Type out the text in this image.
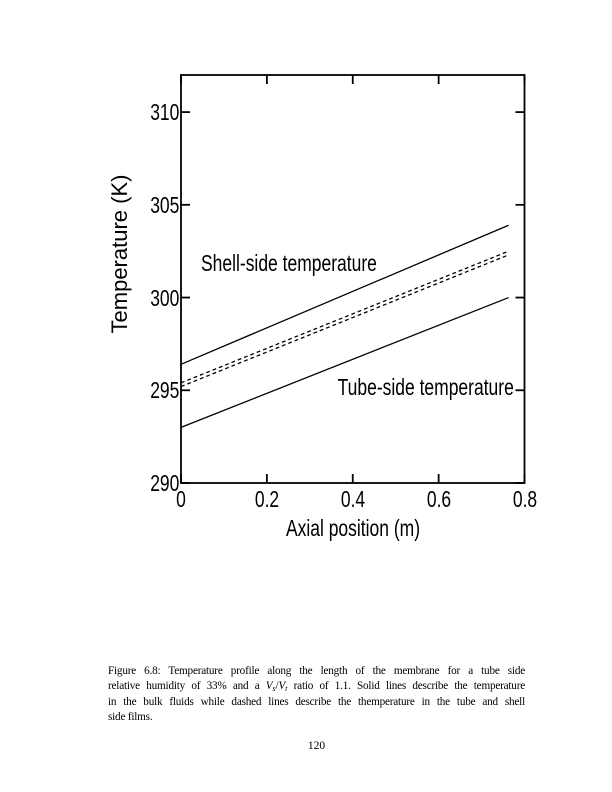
290
295
300
305
310
0	0.2	0.4	0.6	0.8
Temperature (K)
Axial position (m)
Shell-side temperature
Tube-side temperature
Figure 6.8: Temperature profile along the length of the membrane for a tube side
relative humidity of 33% and a $V_s/V_t$ ratio of 1.1. Solid lines describe the temperature
in the bulk fluids while dashed lines describe the themperature in the tube and shell
side films.
120
